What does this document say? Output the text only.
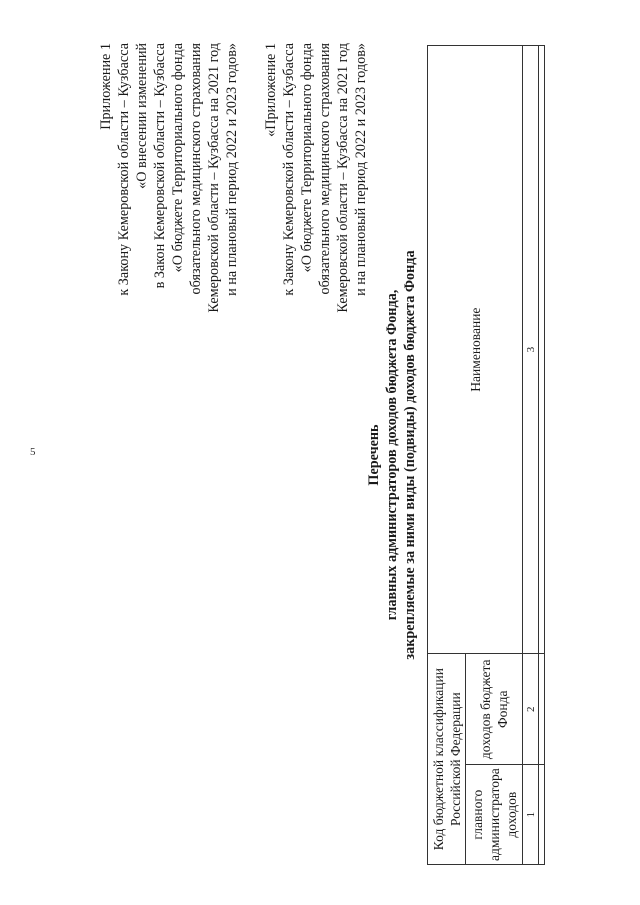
5
Приложение 1 к Закону Кемеровской области – Кузбасса «О внесении изменений в Закон Кемеровской области – Кузбасса «О бюджете Территориального фонда обязательного медицинского страхования Кемеровской области – Кузбасса на 2021 год и на плановый период 2022 и 2023 годов» «Приложение 1 к Закону Кемеровской области – Кузбасса «О бюджете Территориального фонда обязательного медицинского страхования Кемеровской области – Кузбасса на 2021 год и на плановый период 2022 и 2023 годов»
Перечень главных администраторов доходов бюджета Фонда, закрепляемые за ними виды (подвиды) доходов бюджета Фонда
Код бюджетной классификации Российской Федерации		Наименование
главного администратора доходов	доходов бюджета Фонда	
1	2	3
